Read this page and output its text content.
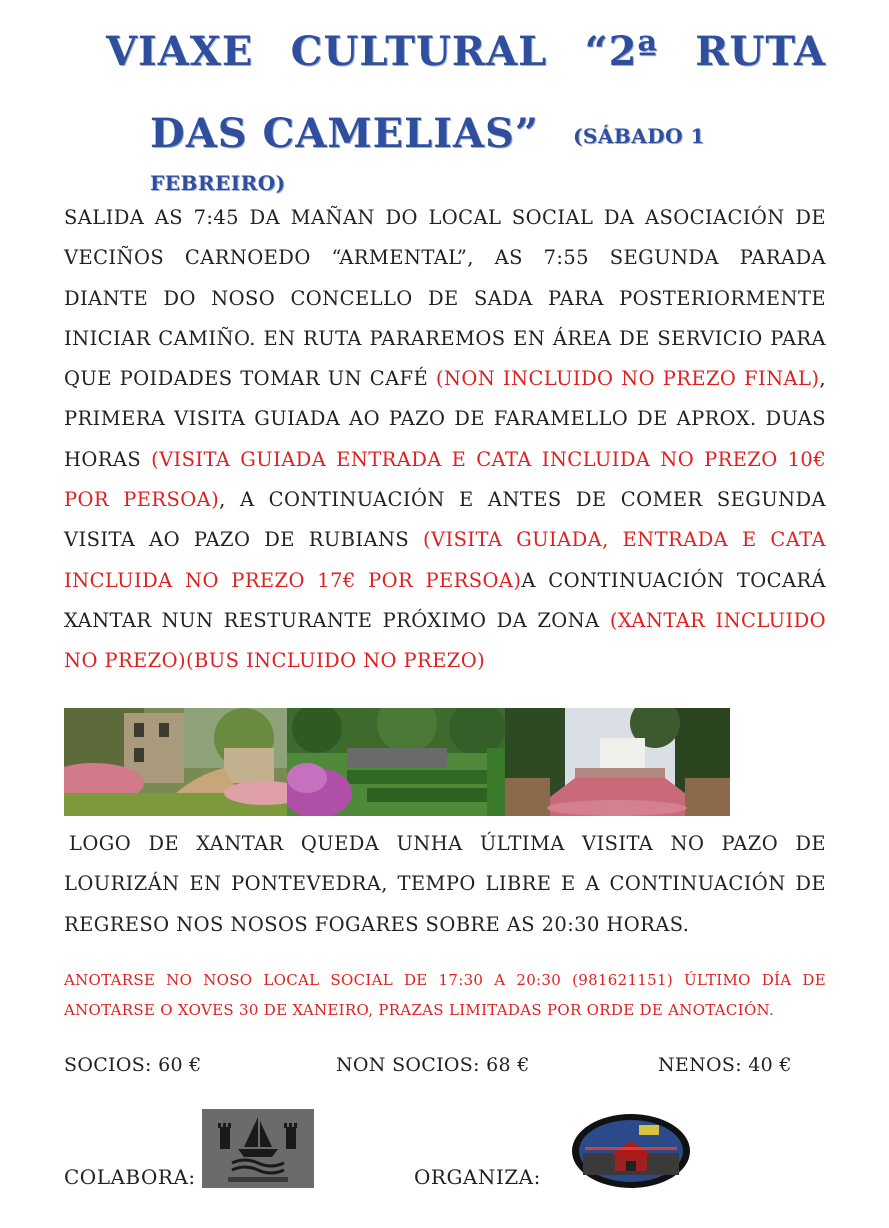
VIAXE CULTURAL “2ª RUTA
DAS CAMELIAS” (SÁBADO 1 FEBREIRO)
SALIDA AS 7:45 DA MAÑAN DO LOCAL SOCIAL DA ASOCIACIÓN DE VECIÑOS CARNOEDO “ARMENTAL”, AS 7:55 SEGUNDA PARADA DIANTE DO NOSO CONCELLO DE SADA PARA POSTERIORMENTE INICIAR CAMIÑO. EN RUTA PARAREMOS EN ÁREA DE SERVICIO PARA QUE POIDADES TOMAR UN CAFÉ (NON INCLUIDO NO PREZO FINAL), PRIMERA VISITA GUIADA AO PAZO DE FARAMELLO DE APROX. DUAS HORAS (VISITA GUIADA ENTRADA E CATA INCLUIDA NO PREZO 10€ POR PERSOA), A CONTINUACIÓN E ANTES DE COMER SEGUNDA VISITA AO PAZO DE RUBIANS (VISITA GUIADA, ENTRADA E CATA INCLUIDA NO PREZO 17€ POR PERSOA)A CONTINUACIÓN TOCARÁ XANTAR NUN RESTURANTE PRÓXIMO DA ZONA (XANTAR INCLUIDO NO PREZO)(BUS INCLUIDO NO PREZO)
LOGO DE XANTAR QUEDA UNHA ÚLTIMA VISITA NO PAZO DE LOURIZÁN EN PONTEVEDRA, TEMPO LIBRE E A CONTINUACIÓN DE REGRESO NOS NOSOS FOGARES SOBRE AS 20:30 HORAS.
ANOTARSE NO NOSO LOCAL SOCIAL DE 17:30 A 20:30 (981621151) ÚLTIMO DÍA DE ANOTARSE O XOVES 30 DE XANEIRO, PRAZAS LIMITADAS POR ORDE DE ANOTACIÓN.
SOCIOS: 60 €	NON SOCIOS: 68 €	NENOS: 40 €
COLABORA:	ORGANIZA:
